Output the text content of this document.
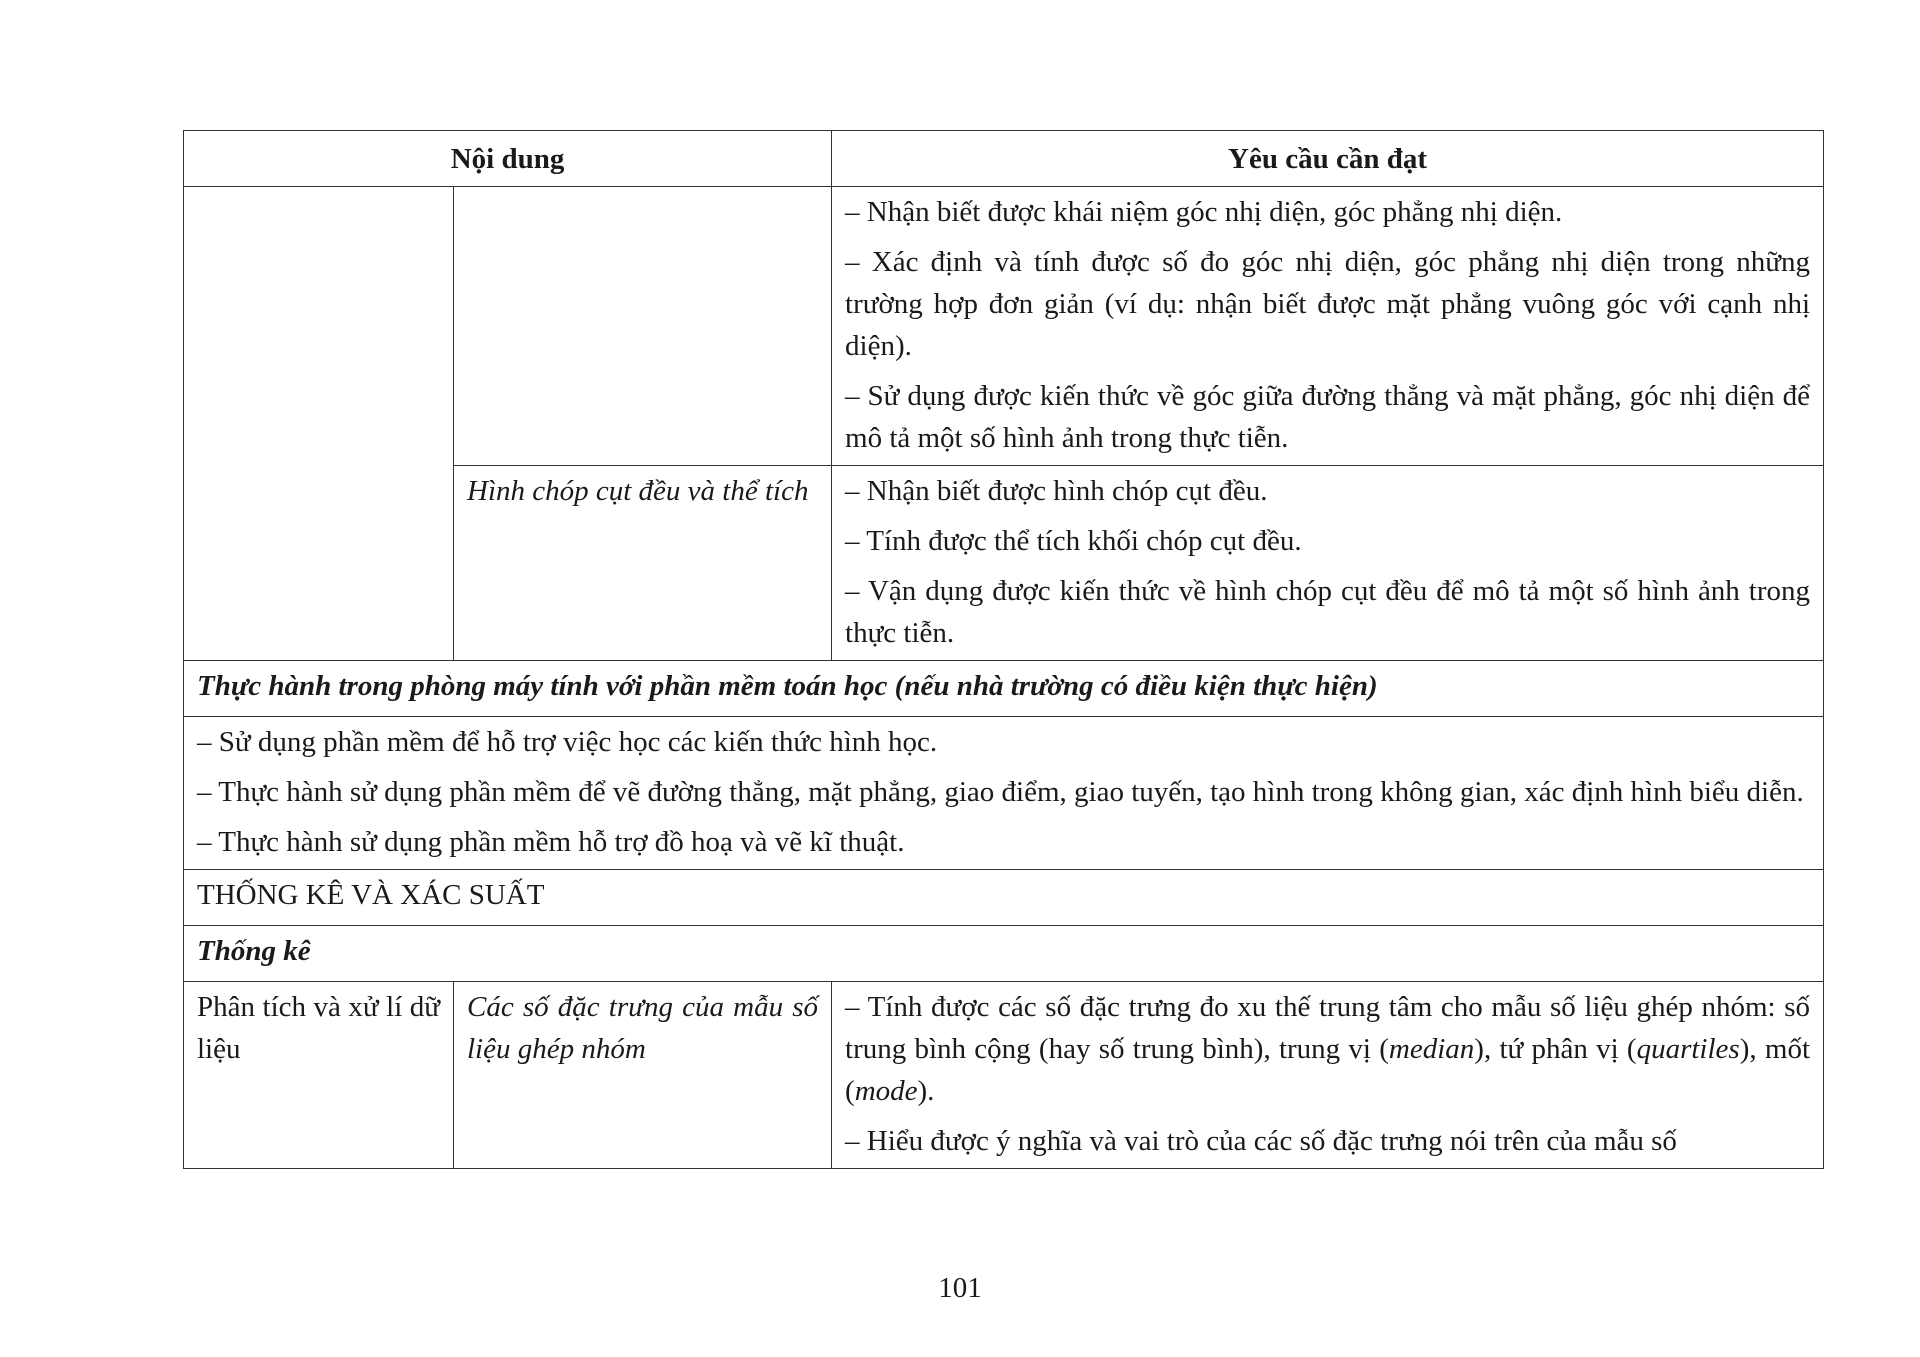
Nội dung		Yêu cầu cần đạt

		– Nhận biết được khái niệm góc nhị diện, góc phẳng nhị diện.
– Xác định và tính được số đo góc nhị diện, góc phẳng nhị diện trong những trường hợp đơn giản (ví dụ: nhận biết được mặt phẳng vuông góc với cạnh nhị diện).
– Sử dụng được kiến thức về góc giữa đường thẳng và mặt phẳng, góc nhị diện để mô tả một số hình ảnh trong thực tiễn.

	Hình chóp cụt đều và thể tích	– Nhận biết được hình chóp cụt đều.
– Tính được thể tích khối chóp cụt đều.
– Vận dụng được kiến thức về hình chóp cụt đều để mô tả một số hình ảnh trong thực tiễn.

Thực hành trong phòng máy tính với phần mềm toán học (nếu nhà trường có điều kiện thực hiện)		

– Sử dụng phần mềm để hỗ trợ việc học các kiến thức hình học.
– Thực hành sử dụng phần mềm để vẽ đường thẳng, mặt phẳng, giao điểm, giao tuyến, tạo hình trong không gian, xác định hình biểu diễn.
– Thực hành sử dụng phần mềm hỗ trợ đồ hoạ và vẽ kĩ thuật.		

THỐNG KÊ VÀ XÁC SUẤT		
Thống kê		
Phân tích và xử lí dữ liệu	Các số đặc trưng của mẫu số liệu ghép nhóm	– Tính được các số đặc trưng đo xu thế trung tâm cho mẫu số liệu ghép nhóm: số trung bình cộng (hay số trung bình), trung vị (median), tứ phân vị (quartiles), mốt (mode).
– Hiểu được ý nghĩa và vai trò của các số đặc trưng nói trên của mẫu số
101
